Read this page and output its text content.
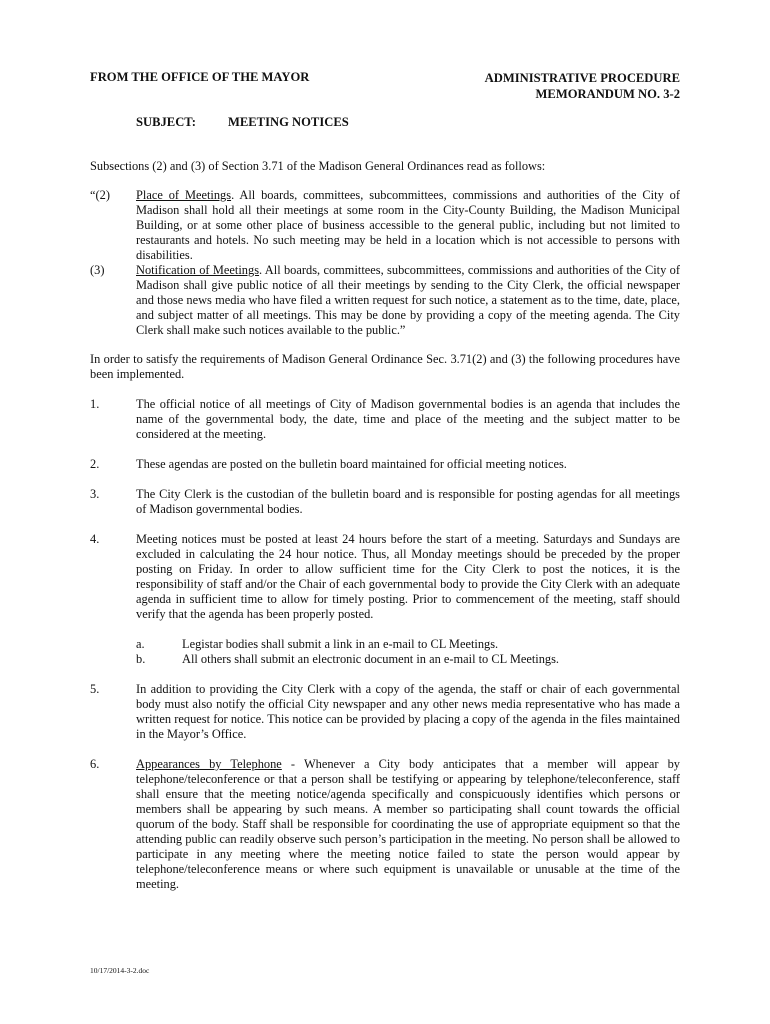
FROM THE OFFICE OF THE MAYOR	ADMINISTRATIVE PROCEDURE
MEMORANDUM NO. 3-2
SUBJECT:	MEETING NOTICES

Subsections (2) and (3) of Section 3.71 of the Madison General Ordinances read as follows:

“(2)	Place of Meetings. All boards, committees, subcommittees, commissions and authorities of the City of Madison shall hold all their meetings at some room in the City-County Building, the Madison Municipal Building, or at some other place of business accessible to the general public, including but not limited to restaurants and hotels. No such meeting may be held in a location which is not accessible to persons with disabilities.
(3)	Notification of Meetings. All boards, committees, subcommittees, commissions and authorities of the City of Madison shall give public notice of all their meetings by sending to the City Clerk, the official newspaper and those news media who have filed a written request for such notice, a statement as to the time, date, place, and subject matter of all meetings. This may be done by providing a copy of the meeting agenda. The City Clerk shall make such notices available to the public.”

In order to satisfy the requirements of Madison General Ordinance Sec. 3.71(2) and (3) the following procedures have been implemented.

1.	The official notice of all meetings of City of Madison governmental bodies is an agenda that includes the name of the governmental body, the date, time and place of the meeting and the subject matter to be considered at the meeting.
2.	These agendas are posted on the bulletin board maintained for official meeting notices.
3.	The City Clerk is the custodian of the bulletin board and is responsible for posting agendas for all meetings of Madison governmental bodies.
4.	Meeting notices must be posted at least 24 hours before the start of a meeting. Saturdays and Sundays are excluded in calculating the 24 hour notice. Thus, all Monday meetings should be preceded by the proper posting on Friday. In order to allow sufficient time for the City Clerk to post the notices, it is the responsibility of staff and/or the Chair of each governmental body to provide the City Clerk with an adequate agenda in sufficient time to allow for timely posting. Prior to commencement of the meeting, staff should verify that the agenda has been properly posted.
a.	Legistar bodies shall submit a link in an e-mail to CL Meetings.
b.	All others shall submit an electronic document in an e-mail to CL Meetings.
5.	In addition to providing the City Clerk with a copy of the agenda, the staff or chair of each governmental body must also notify the official City newspaper and any other news media representative who has made a written request for notice. This notice can be provided by placing a copy of the agenda in the files maintained in the Mayor’s Office.
6.	Appearances by Telephone - Whenever a City body anticipates that a member will appear by telephone/teleconference or that a person shall be testifying or appearing by telephone/teleconference, staff shall ensure that the meeting notice/agenda specifically and conspicuously identifies which persons or members shall be appearing by such means. A member so participating shall count towards the official quorum of the body. Staff shall be responsible for coordinating the use of appropriate equipment so that the attending public can readily observe such person’s participation in the meeting. No person shall be allowed to participate in any meeting where the meeting notice failed to state the person would appear by telephone/teleconference means or where such equipment is unavailable or unusable at the time of the meeting.
10/17/2014-3-2.doc
